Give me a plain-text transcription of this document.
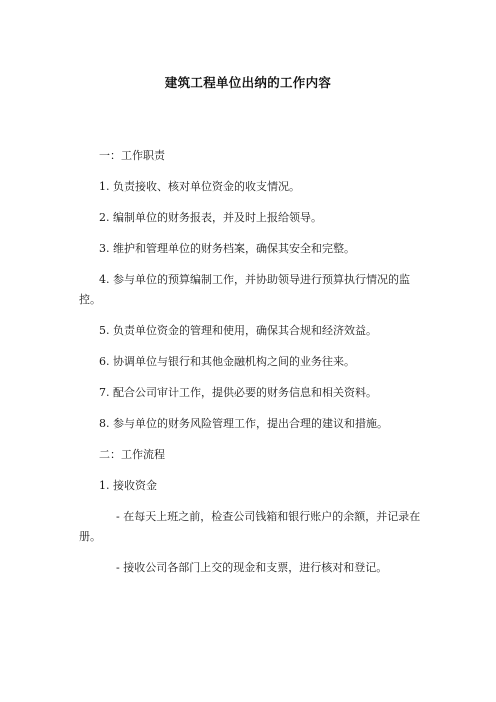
建筑工程单位出纳的工作内容
一：工作职责
1. 负责接收、核对单位资金的收支情况。
2. 编制单位的财务报表，并及时上报给领导。
3. 维护和管理单位的财务档案，确保其安全和完整。
4. 参与单位的预算编制工作，并协助领导进行预算执行情况的监控。
5. 负责单位资金的管理和使用，确保其合规和经济效益。
6. 协调单位与银行和其他金融机构之间的业务往来。
7. 配合公司审计工作，提供必要的财务信息和相关资料。
8. 参与单位的财务风险管理工作，提出合理的建议和措施。
二：工作流程
1. 接收资金
- 在每天上班之前，检查公司钱箱和银行账户的余额，并记录在册。
- 接收公司各部门上交的现金和支票，进行核对和登记。
